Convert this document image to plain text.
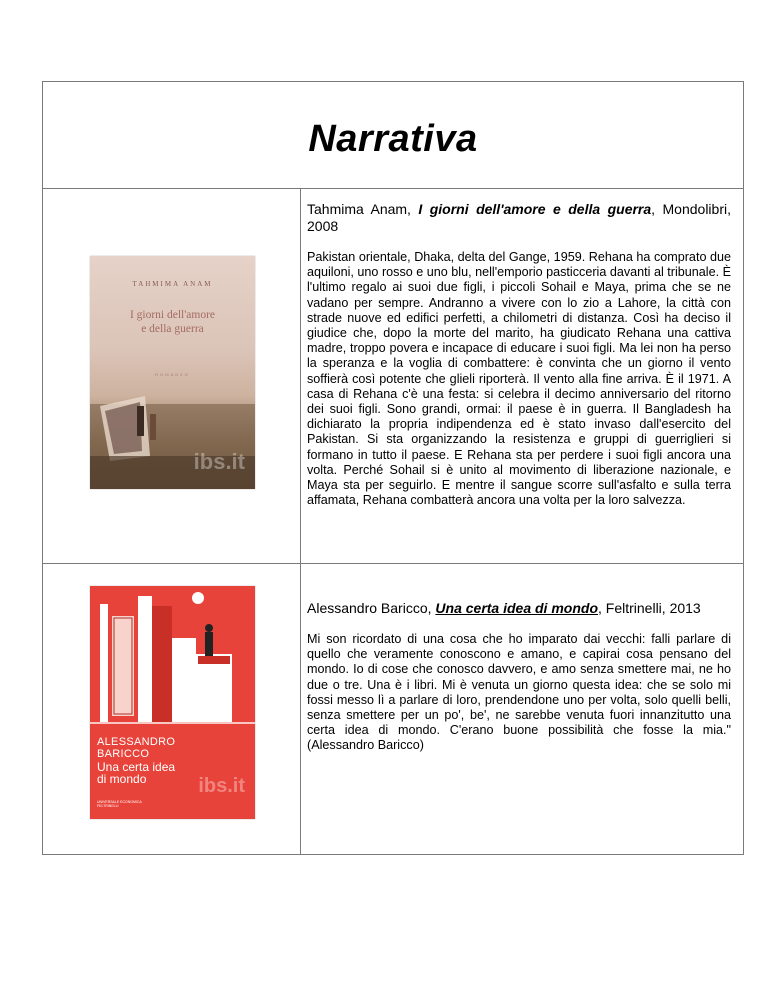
Narrativa
TAHMIMA ANAM
I giorni dell'amore
e della guerra
ROMANZO
ibs.it

Tahmima Anam, I giorni dell'amore e della guerra, Mondolibri, 2008

Pakistan orientale, Dhaka, delta del Gange, 1959. Rehana ha comprato due aquiloni, uno rosso e uno blu, nell'emporio pasticceria davanti al tribunale. È l'ultimo regalo ai suoi due figli, i piccoli Sohail e Maya, prima che se ne vadano per sempre. Andranno a vivere con lo zio a Lahore, la città con strade nuove ed edifici perfetti, a chilometri di distanza. Così ha deciso il giudice che, dopo la morte del marito, ha giudicato Rehana una cattiva madre, troppo povera e incapace di educare i suoi figli. Ma lei non ha perso la speranza e la voglia di combattere: è convinta che un giorno il vento soffierà così potente che glieli riporterà. Il vento alla fine arriva. È il 1971. A casa di Rehana c'è una festa: si celebra il decimo anniversario del ritorno dei suoi figli. Sono grandi, ormai: il paese è in guerra. Il Bangladesh ha dichiarato la propria indipendenza ed è stato invaso dall'esercito del Pakistan. Si sta organizzando la resistenza e gruppi di guerriglieri si formano in tutto il paese. E Rehana sta per perdere i suoi figli ancora una volta. Perché Sohail si è unito al movimento di liberazione nazionale, e Maya sta per seguirlo. E mentre il sangue scorre sull'asfalto e sulla terra affamata, Rehana combatterà ancora una volta per la loro salvezza.

ALESSANDRO
BARICCO
Una certa idea
di mondo
UNIVERSALE ECONOMICA FELTRINELLI
ibs.it

Alessandro Baricco, Una certa idea di mondo, Feltrinelli, 2013

Mi son ricordato di una cosa che ho imparato dai vecchi: falli parlare di quello che veramente conoscono e amano, e capirai cosa pensano del mondo. Io di cose che conosco davvero, e amo senza smettere mai, ne ho due o tre. Una è i libri. Mi è venuta un giorno questa idea: che se solo mi fossi messo lì a parlare di loro, prendendone uno per volta, solo quelli belli, senza smettere per un po', be', ne sarebbe venuta fuori innanzitutto una certa idea di mondo. C'erano buone possibilità che fosse la mia." (Alessandro Baricco)
